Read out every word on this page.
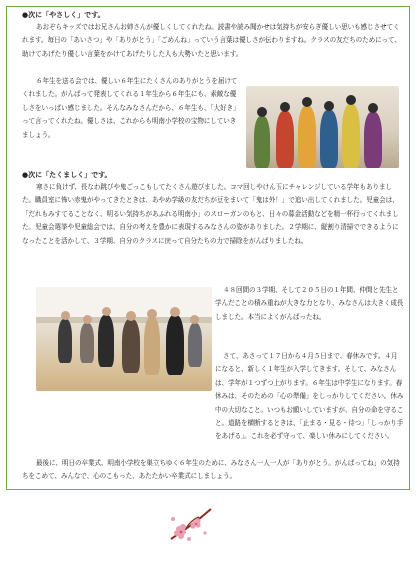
●次に「やさしく」です。

あおぞらキッズではお兄さんお姉さんが優しくしてくれたね。読書や読み聞かせは気持ちが安らぎ優しい思いも感じさせてくれます。毎日の「あいさつ」や「ありがとう」「ごめんね」っていう言葉は優しさが伝わりますね。クラスの友だちのためにって、助けてあげたり優しい言葉をかけてあげたりした人も大勢いたと思います。

６年生を送る会では、優しい６年生にたくさんのありがとうを届けてくれました。がんばって発表してくれる１年生から６年生にも、素敵な優しさをいっぱい感じました。そんなみなさんだから、６年生も、「大好き」って言ってくれたね。優しさは、これからも明南小学校の宝物にしていきましょう。

●次に「たくましく」です。

寒さに負けず、長なわ跳びや鬼ごっこもしてたくさん遊びました。コマ回しやけん玉にチャレンジしている学年もありました。職員室に怖い赤鬼がやってきたときは、あやめ学級の友だちが豆をまいて「鬼は外！」で追い出してくれました。児童会は、「だれもみすてることなく、明るい気持ちがあふれる明南小」のスローガンのもと、日々の募金活動などを精一杯行ってくれました。児童会選挙や児童総会では、自分の考えを豊かに表現するみなさんの姿がありました。２学期に、縦割り清掃でできるようになったことを活かして、３学期、自分のクラスに戻って自分たちの力で掃除をがんばりましたね。

４８回間の３学期、そして２０５日の１年間、仲間と先生と学んだことの積み重ねが大きな力となり、みなさんは大きく成長しました。本当によくがんばったね。

さて、あさって１７日から４月５日まで、春休みです。４月になると、新しく１年生が入学してきます。そして、みなさんは、学年が１つずつ上がります。６年生は中学生になります。春休みは、そのための「心の準備」をしっかりしてください。休み中の大切なこと。いつもお願いしていますが、自分の命を守ること。道路を横断するときは、「止まる・見る・待つ」「しっかり手をあげる」。これを必ず守って、楽しい休みにしてください。

最後に、明日の卒業式、明南小学校を巣立ちゆく６年生のために、みなさん一人一人が「ありがとう。がんばってね」の気持ちをこめて、みんなで、心のこもった、あたたかい卒業式にしましょう。
